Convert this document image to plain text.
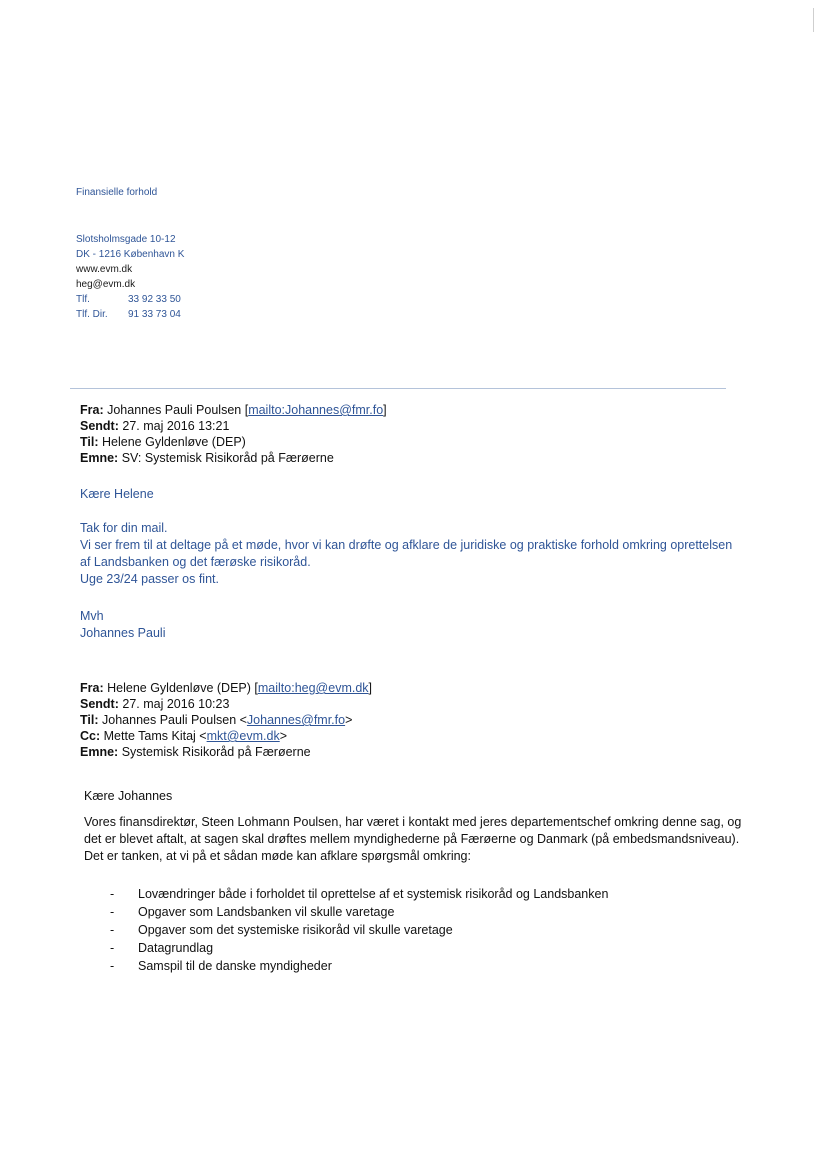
Finansielle forhold
Slotsholmsgade 10-12
DK - 1216 København K
www.evm.dk
heg@evm.dk
Tlf.	33 92 33 50
Tlf. Dir. 91 33 73 04
Fra: Johannes Pauli Poulsen [mailto:Johannes@fmr.fo]
Sendt: 27. maj 2016 13:21
Til: Helene Gyldenløve (DEP)
Emne: SV: Systemisk Risikoråd på Færøerne
Kære Helene
Tak for din mail.
Vi ser frem til at deltage på et møde, hvor vi kan drøfte og afklare de juridiske og praktiske forhold omkring oprettelsen af Landsbanken og det færøske risikoråd.
Uge 23/24 passer os fint.
Mvh
Johannes Pauli
Fra: Helene Gyldenløve (DEP) [mailto:heg@evm.dk]
Sendt: 27. maj 2016 10:23
Til: Johannes Pauli Poulsen <Johannes@fmr.fo>
Cc: Mette Tams Kitaj <mkt@evm.dk>
Emne: Systemisk Risikoråd på Færøerne
Kære Johannes
Vores finansdirektør, Steen Lohmann Poulsen, har været i kontakt med jeres departementschef omkring denne sag, og det er blevet aftalt, at sagen skal drøftes mellem myndighederne på Færøerne og Danmark (på embedsmandsniveau). Det er tanken, at vi på et sådan møde kan afklare spørgsmål omkring:
- Lovændringer både i forholdet til oprettelse af et systemisk risikoråd og Landsbanken
- Opgaver som Landsbanken vil skulle varetage
- Opgaver som det systemiske risikoråd vil skulle varetage
- Datagrundlag
- Samspil til de danske myndigheder
